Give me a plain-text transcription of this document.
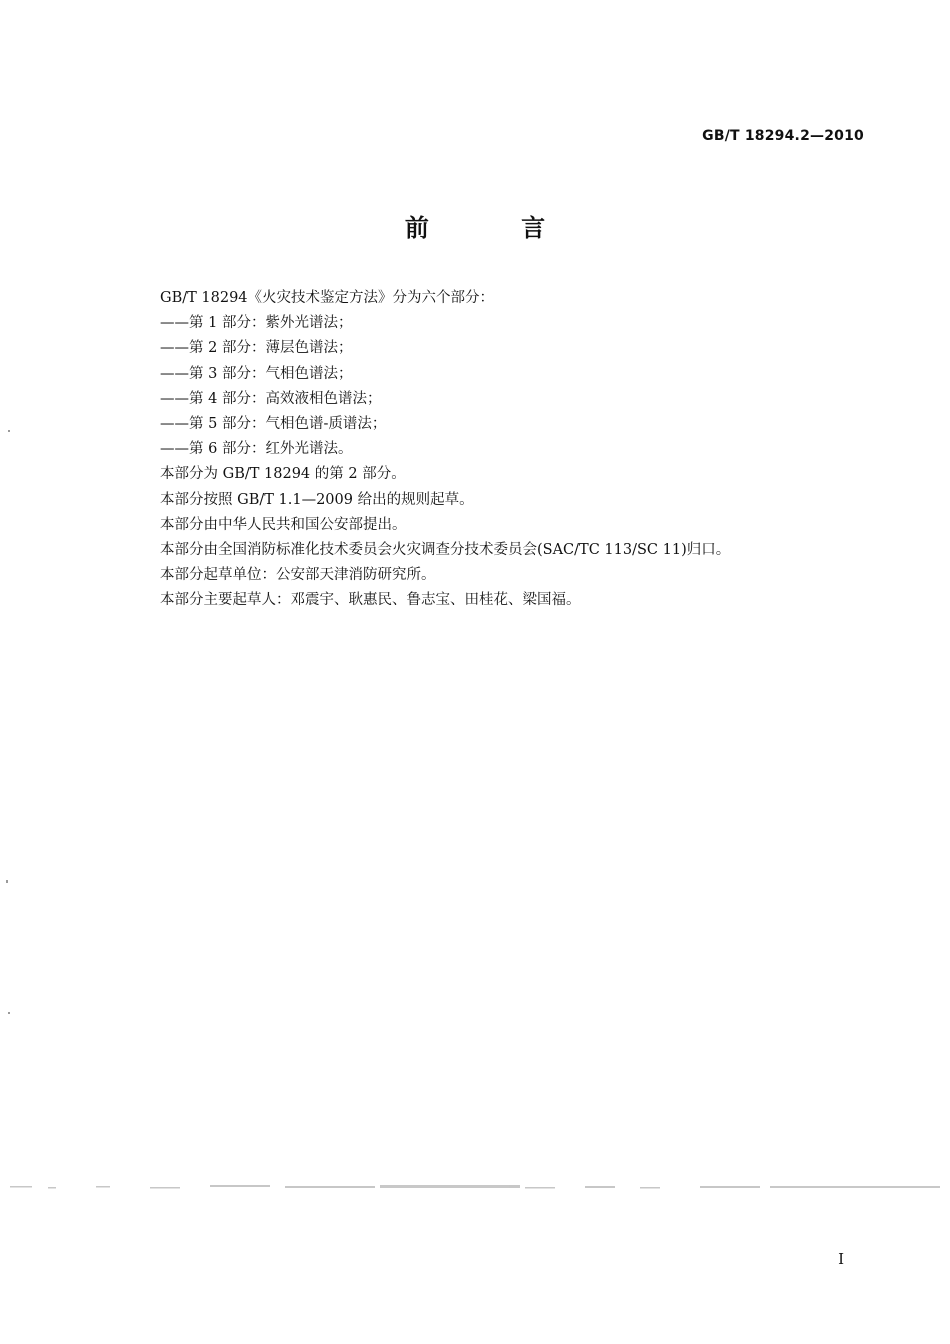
GB/T 18294.2—2010
前 言
GB/T 18294《火灾技术鉴定方法》分为六个部分：
——第 1 部分：紫外光谱法；
——第 2 部分：薄层色谱法；
——第 3 部分：气相色谱法；
——第 4 部分：高效液相色谱法；
——第 5 部分：气相色谱-质谱法；
——第 6 部分：红外光谱法。
本部分为 GB/T 18294 的第 2 部分。
本部分按照 GB/T 1.1—2009 给出的规则起草。
本部分由中华人民共和国公安部提出。
本部分由全国消防标准化技术委员会火灾调查分技术委员会(SAC/TC 113/SC 11)归口。
本部分起草单位：公安部天津消防研究所。
本部分主要起草人：邓震宇、耿惠民、鲁志宝、田桂花、梁国福。
I
